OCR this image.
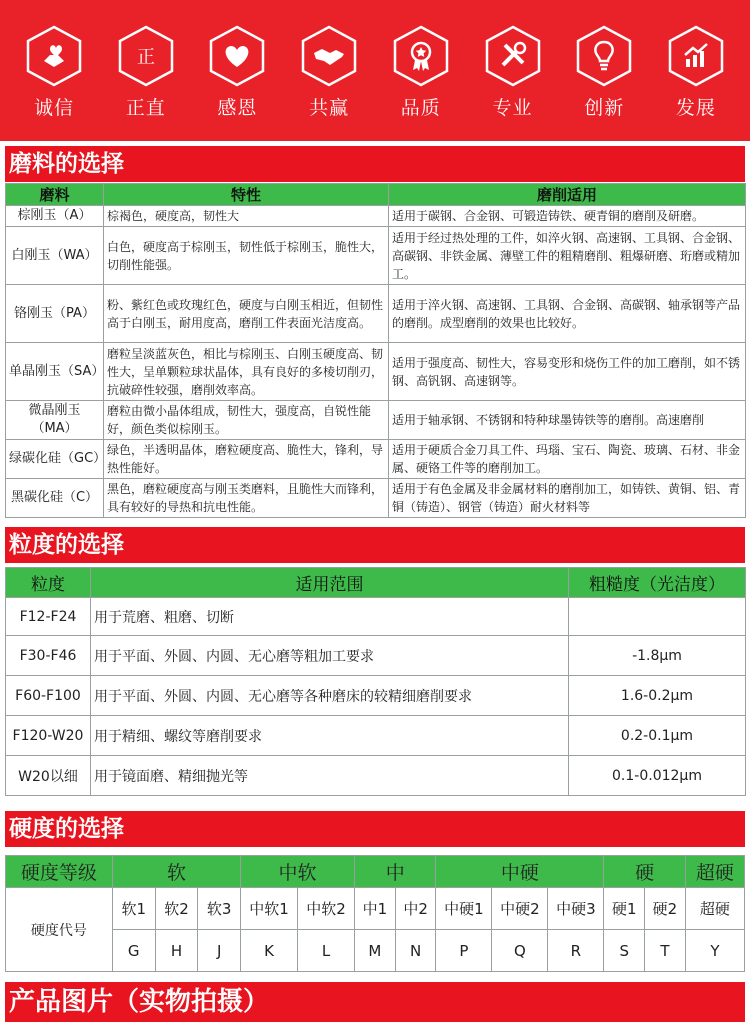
诚信
正
正直	感恩	共赢	品质	专业	创新	发展
磨料的选择
磨料	特性	磨削适用
棕刚玉（A）	棕褐色，硬度高，韧性大	适用于碳钢、合金钢、可锻造铸铁、硬青铜的磨削及研磨。
白刚玉（WA）	白色，硬度高于棕刚玉，韧性低于棕刚玉，脆性大，切削性能强。	适用于经过热处理的工件，如淬火钢、高速钢、工具钢、合金钢、高碳钢、非铁金属、薄壁工件的粗精磨削、粗爆研磨、珩磨或精加工。
铬刚玉（PA）	粉、紫红色或玫瑰红色，硬度与白刚玉相近，但韧性高于白刚玉，耐用度高，磨削工件表面光洁度高。	适用于淬火钢、高速钢、工具钢、合金钢、高碳钢、轴承钢等产品的磨削。成型磨削的效果也比较好。
单晶刚玉（SA）	磨粒呈淡蓝灰色，相比与棕刚玉、白刚玉硬度高、韧性大，呈单颗粒球状晶体，具有良好的多棱切削刃，抗破碎性较强，磨削效率高。	适用于强度高、韧性大，容易变形和烧伤工件的加工磨削，如不锈钢、高钒钢、高速钢等。
微晶刚玉（MA）	磨粒由微小晶体组成，韧性大，强度高，自锐性能好，颜色类似棕刚玉。	适用于轴承钢、不锈钢和特种球墨铸铁等的磨削。高速磨削
绿碳化硅（GC）	绿色，半透明晶体，磨粒硬度高、脆性大，锋利，导热性能好。	适用于硬质合金刀具工件、玛瑙、宝石、陶瓷、玻璃、石材、非金属、硬铬工件等的磨削加工。
黑碳化硅（C）	黑色，磨粒硬度高与刚玉类磨料，且脆性大而锋利，具有较好的导热和抗电性能。	适用于有色金属及非金属材料的磨削加工，如铸铁、黄铜、铝、青铜（铸造）、钢管（铸造）耐火材料等
粒度的选择
粒度	适用范围	粗糙度（光洁度）
F12-F24	用于荒磨、粗磨、切断	
F30-F46	用于平面、外圆、内圆、无心磨等粗加工要求	-1.8μm
F60-F100	用于平面、外圆、内圆、无心磨等各种磨床的较精细磨削要求	1.6-0.2μm
F120-W20	用于精细、螺纹等磨削要求	0.2-0.1μm
W20以细	用于镜面磨、精细抛光等	0.1-0.012μm
硬度的选择
硬度等级	软			中软		中		中硬			硬		超硬
硬度代号	软1	软2	软3	中软1	中软2	中1	中2	中硬1	中硬2	中硬3	硬1	硬2	超硬
	G	H	J	K	L	M	N	P	Q	R	S	T	Y
产品图片（实物拍摄）
